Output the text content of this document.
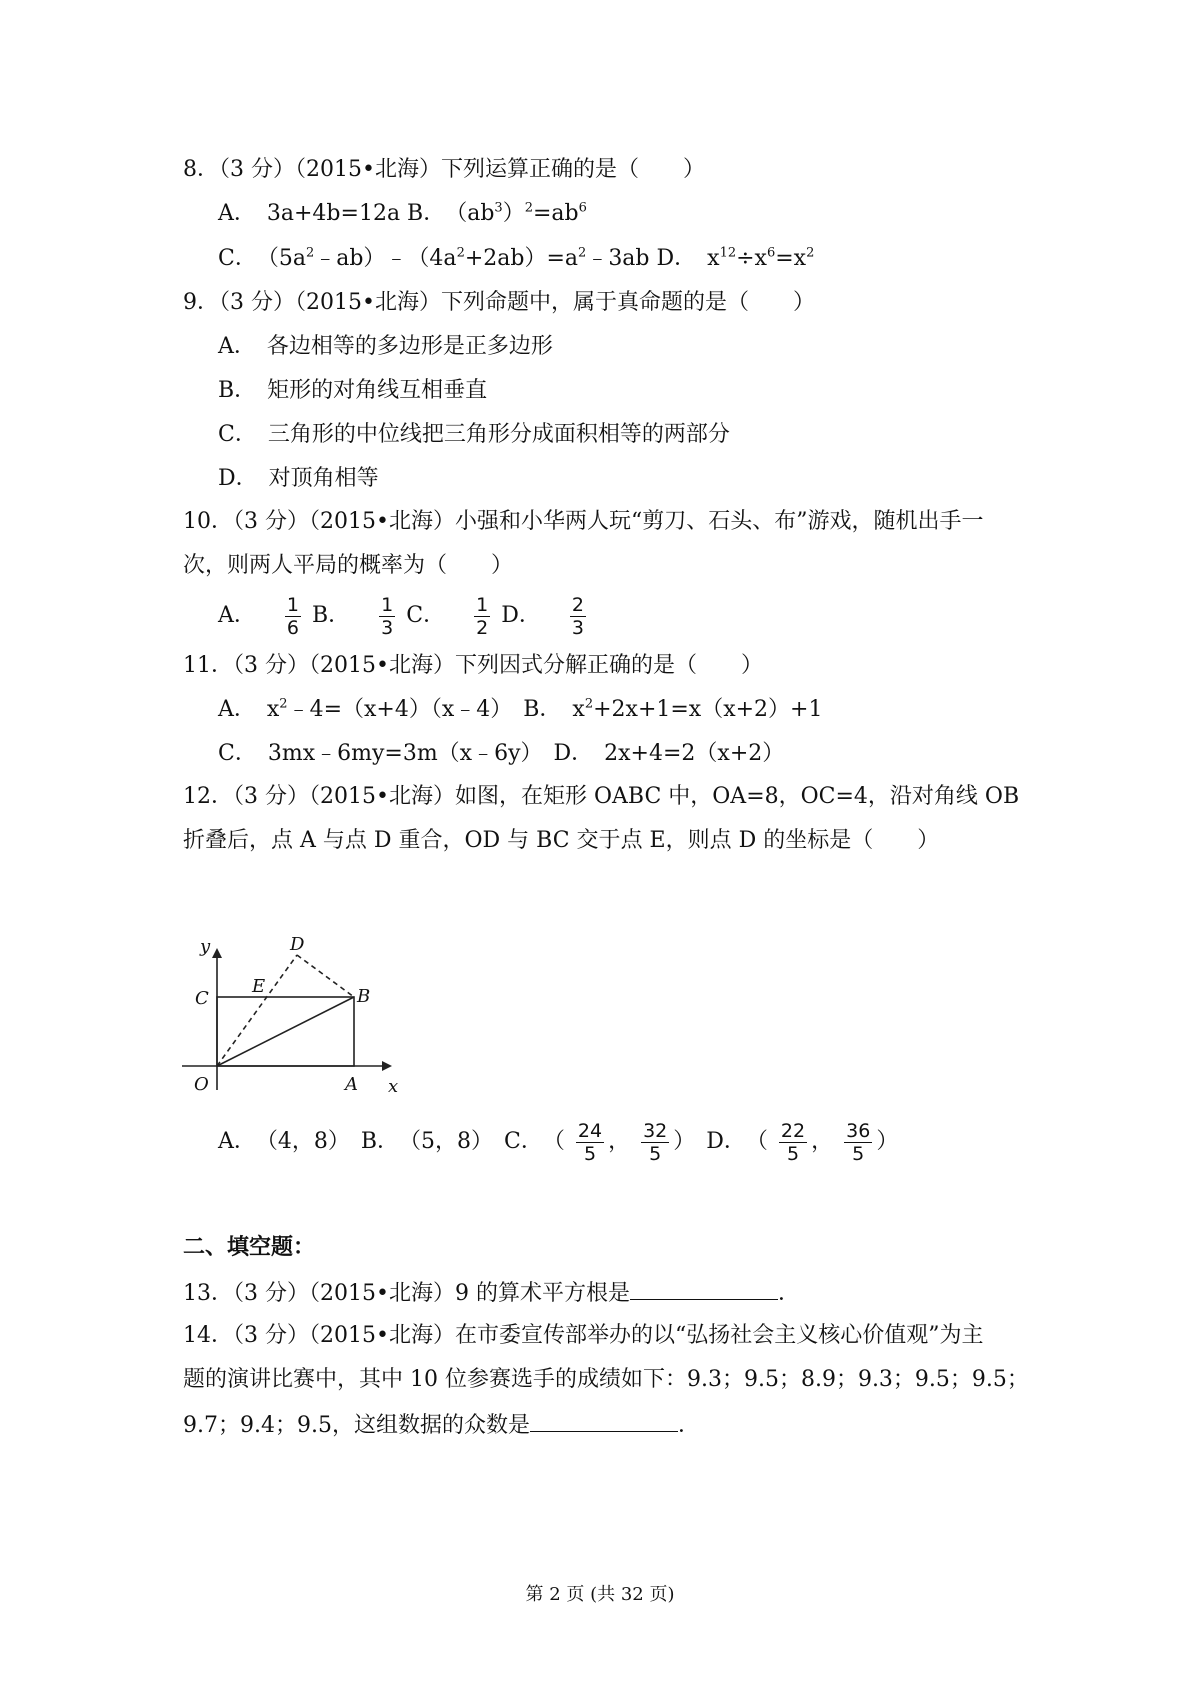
8．（3 分）（2015•北海）下列运算正确的是（　　）
A．　3a+4b=12a B．　$(ab^3)^2=ab^6$
C．　$(5a^2﹣ab)﹣(4a^2+2ab)=a^2﹣3ab$ D．　$x^{12}\div x^6=x^2$
9．（3 分）（2015•北海）下列命题中，属于真命题的是（　　）
A．　各边相等的多边形是正多边形
B．　矩形的对角线互相垂直
C．　三角形的中位线把三角形分成面积相等的两部分
D．　对顶角相等
10．（3 分）（2015•北海）小强和小华两人玩“剪刀、石头、布”游戏，随机出手一
次，则两人平局的概率为（　　）
A． $\frac{1}{6}$ B． $\frac{1}{3}$ C． $\frac{1}{2}$ D． $\frac{2}{3}$
11．（3 分）（2015•北海）下列因式分解正确的是（　　）
A．　$x^2﹣4=(x+4)(x﹣4)$　B．　$x^2+2x+1=x(x+2)+1$
C．　3mx﹣6my=3m（x﹣6y）　D．　2x+4=2（x+2）
12．（3 分）（2015•北海）如图，在矩形 OABC 中，OA=8，OC=4，沿对角线 OB
折叠后，点 A 与点 D 重合，OD 与 BC 交于点 E，则点 D 的坐标是（　　）
y
x
O	A
B
C
D
E
A．　（4，8）　B．　（5，8）　C．　（ $\frac{24}{5}$ ， $\frac{32}{5}$ ）　D．　（ $\frac{22}{5}$ ， $\frac{36}{5}$ ）
二、填空题：
13．（3 分）（2015•北海）9 的算术平方根是	．
14．（3 分）（2015•北海）在市委宣传部举办的以“弘扬社会主义核心价值观”为主
题的演讲比赛中，其中 10 位参赛选手的成绩如下：9.3；9.5；8.9；9.3；9.5；9.5；
9.7；9.4；9.5，这组数据的众数是	．
第 2 页 (共 32 页)
